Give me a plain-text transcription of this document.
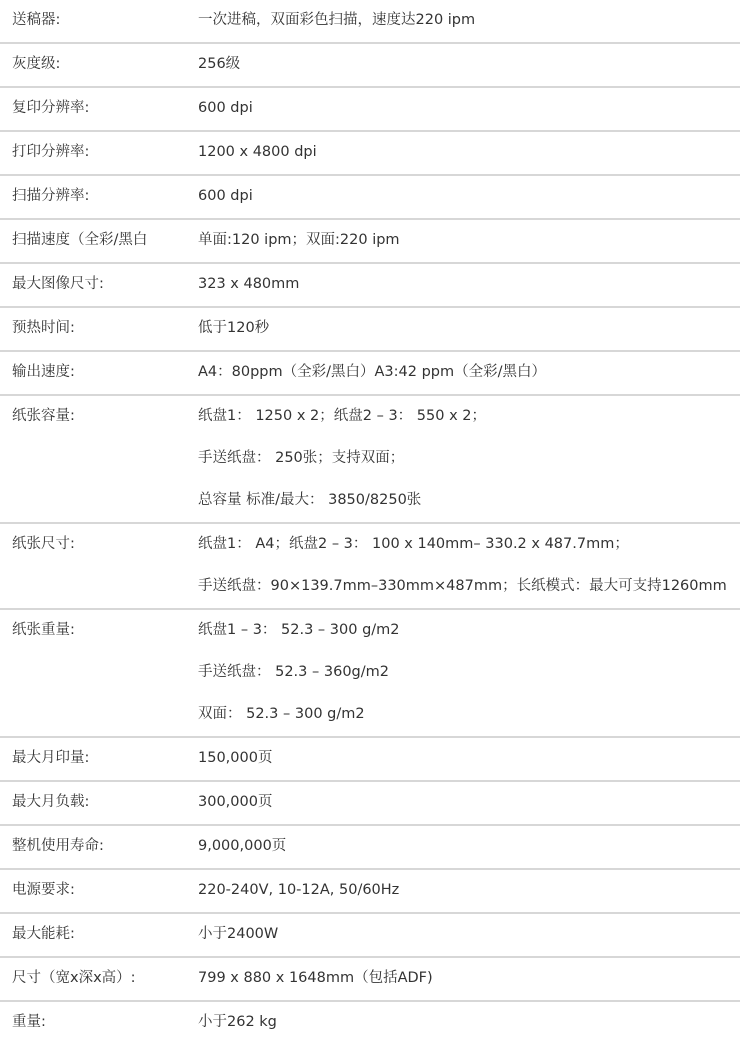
送稿器:	一次进稿，双面彩色扫描，速度达220 ipm

灰度级:	256级

复印分辨率:	600 dpi

打印分辨率:	1200 x 4800 dpi

扫描分辨率:	600 dpi

扫描速度（全彩/黑白	单面:120 ipm；双面:220 ipm

最大图像尺寸:	323 x 480mm

预热时间:	低于120秒

输出速度:	A4：80ppm（全彩/黑白）A3:42 ppm（全彩/黑白）

纸张容量:	纸盘1： 1250 x 2；纸盘2 – 3： 550 x 2；
手送纸盘： 250张；支持双面；
总容量 标准/最大： 3850/8250张

纸张尺寸:	纸盘1： A4；纸盘2 – 3： 100 x 140mm– 330.2 x 487.7mm；
手送纸盘：90×139.7mm–330mm×487mm；长纸模式：最大可支持1260mm

纸张重量:	纸盘1 – 3： 52.3 – 300 g/m2
手送纸盘： 52.3 – 360g/m2
双面： 52.3 – 300 g/m2

最大月印量:	150,000页

最大月负载:	300,000页

整机使用寿命:	9,000,000页

电源要求:	220-240V, 10-12A, 50/60Hz

最大能耗:	小于2400W

尺寸（宽x深x高）:	799 x 880 x 1648mm（包括ADF)

重量:	小于262 kg
